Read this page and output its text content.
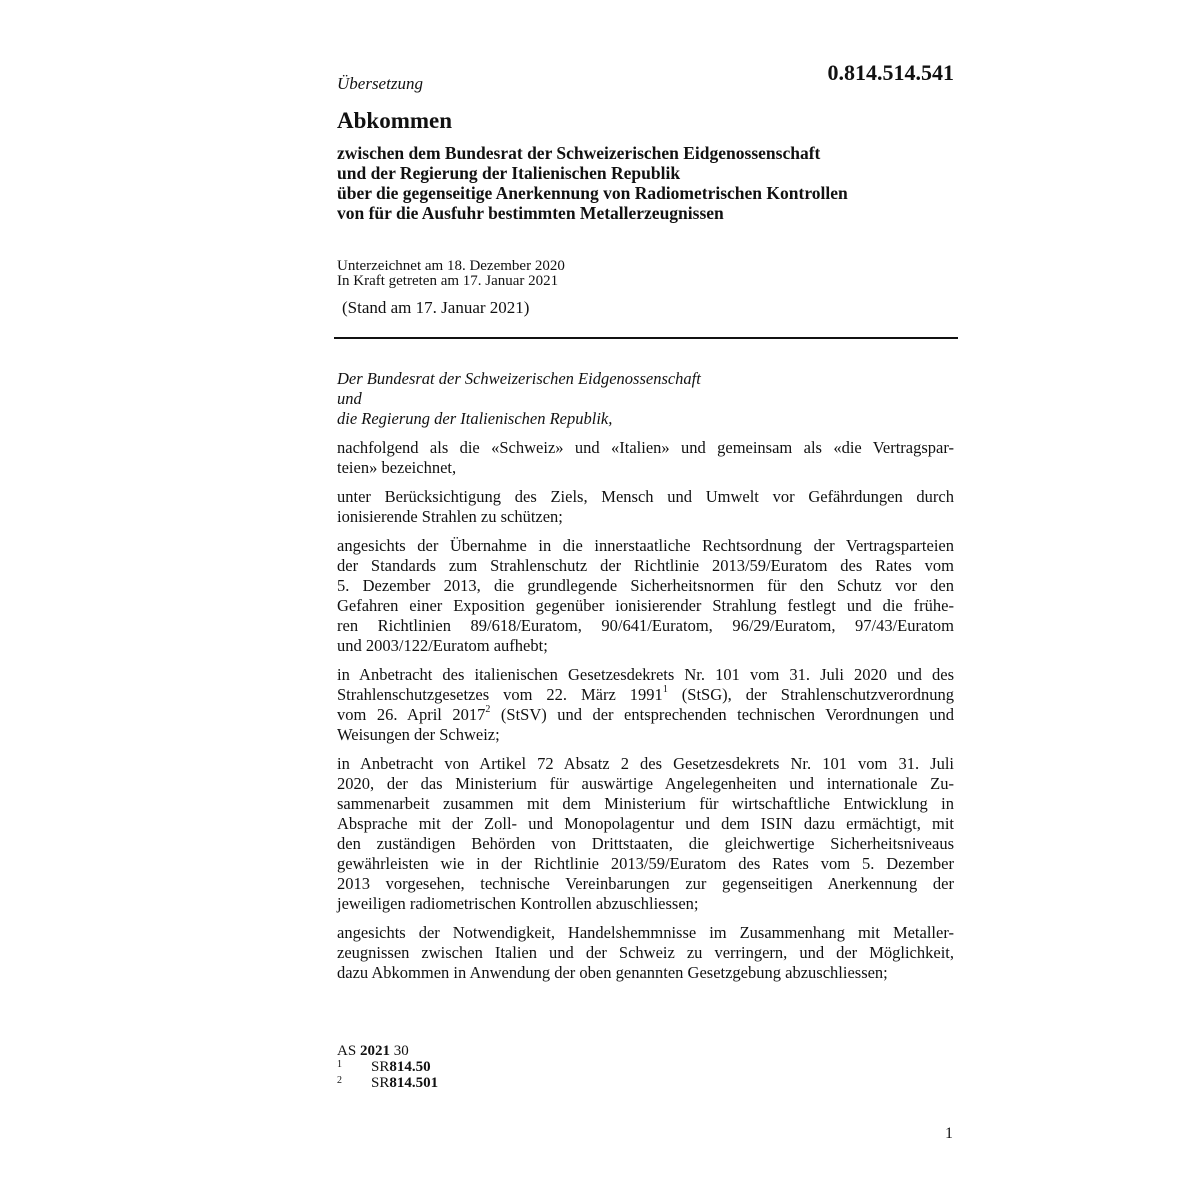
Übersetzung	0.814.514.541
Abkommen
zwischen dem Bundesrat der Schweizerischen Eidgenossenschaft
und der Regierung der Italienischen Republik
über die gegenseitige Anerkennung von Radiometrischen Kontrollen
von für die Ausfuhr bestimmten Metallerzeugnissen
Unterzeichnet am 18. Dezember 2020
In Kraft getreten am 17. Januar 2021
(Stand am 17. Januar 2021)
Der Bundesrat der Schweizerischen Eidgenossenschaft
und
die Regierung der Italienischen Republik,

nachfolgend als die «Schweiz» und «Italien» und gemeinsam als «die Vertragspar-
teien» bezeichnet,

unter Berücksichtigung des Ziels, Mensch und Umwelt vor Gefährdungen durch
ionisierende Strahlen zu schützen;

angesichts der Übernahme in die innerstaatliche Rechtsordnung der Vertragsparteien
der Standards zum Strahlenschutz der Richtlinie 2013/59/Euratom des Rates vom
5. Dezember 2013, die grundlegende Sicherheitsnormen für den Schutz vor den
Gefahren einer Exposition gegenüber ionisierender Strahlung festlegt und die frühe-
ren Richtlinien 89/618/Euratom, 90/641/Euratom, 96/29/Euratom, 97/43/Euratom
und 2003/122/Euratom aufhebt;

in Anbetracht des italienischen Gesetzesdekrets Nr. 101 vom 31. Juli 2020 und des
Strahlenschutzgesetzes vom 22. März 1991$^1$ (StSG), der Strahlenschutzverordnung
vom 26. April 2017$^2$ (StSV) und der entsprechenden technischen Verordnungen und
Weisungen der Schweiz;

in Anbetracht von Artikel 72 Absatz 2 des Gesetzesdekrets Nr. 101 vom 31. Juli
2020, der das Ministerium für auswärtige Angelegenheiten und internationale Zu-
sammenarbeit zusammen mit dem Ministerium für wirtschaftliche Entwicklung in
Absprache mit der Zoll- und Monopolagentur und dem ISIN dazu ermächtigt, mit
den zuständigen Behörden von Drittstaaten, die gleichwertige Sicherheitsniveaus
gewährleisten wie in der Richtlinie 2013/59/Euratom des Rates vom 5. Dezember
2013 vorgesehen, technische Vereinbarungen zur gegenseitigen Anerkennung der
jeweiligen radiometrischen Kontrollen abzuschliessen;

angesichts der Notwendigkeit, Handelshemmnisse im Zusammenhang mit Metaller-
zeugnissen zwischen Italien und der Schweiz zu verringern, und der Möglichkeit,
dazu Abkommen in Anwendung der oben genannten Gesetzgebung abzuschliessen;

AS 2021 30
1	SR 814.50
2	SR 814.501
1
